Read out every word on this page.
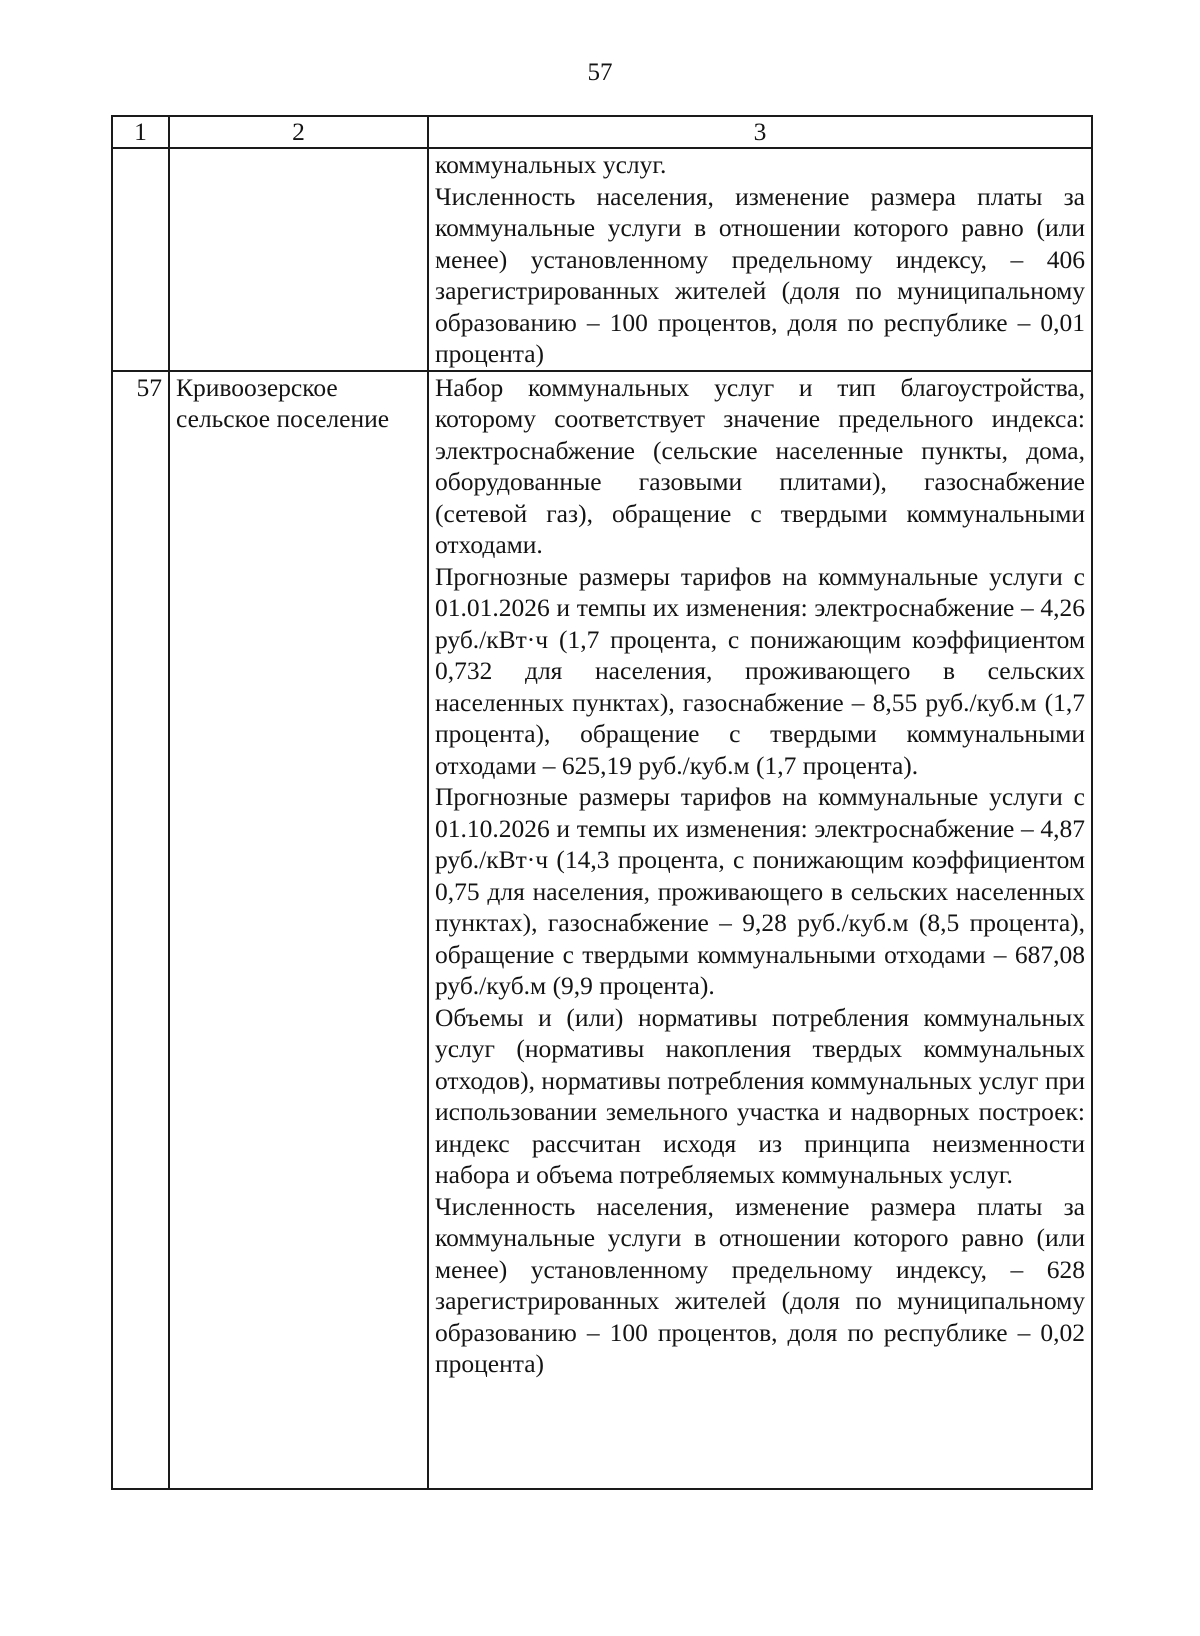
57
1	2	3

		коммунальных услуг.

Численность населения, изменение размера платы за коммунальные услуги в отношении которого равно (или менее) установленному предельному индексу, – 406 зарегистрированных жителей (доля по муниципальному образованию – 100 процентов, доля по республике – 0,01 процента)

57	Кривоозерское сельское поселение	Набор коммунальных услуг и тип благоустройства, которому соответствует значение предельного индекса: электроснабжение (сельские населенные пункты, дома, оборудованные газовыми плитами), газоснабжение (сетевой газ), обращение с твердыми коммунальными отходами.

Прогнозные размеры тарифов на коммунальные услуги с 01.01.2026 и темпы их изменения: электроснабжение – 4,26 руб./кВт·ч (1,7 процента, с понижающим коэффициентом 0,732 для населения, проживающего в сельских населенных пунктах), газоснабжение – 8,55 руб./куб.м (1,7 процента), обращение с твердыми коммунальными отходами – 625,19 руб./куб.м (1,7 процента).

Прогнозные размеры тарифов на коммунальные услуги с 01.10.2026 и темпы их изменения: электроснабжение – 4,87 руб./кВт·ч (14,3 процента, с понижающим коэффициентом 0,75 для населения, проживающего в сельских населенных пунктах), газоснабжение – 9,28 руб./куб.м (8,5 процента), обращение с твердыми коммунальными отходами – 687,08 руб./куб.м (9,9 процента).

Объемы и (или) нормативы потребления коммунальных услуг (нормативы накопления твердых коммунальных отходов), нормативы потребления коммунальных услуг при использовании земельного участка и надворных построек: индекс рассчитан исходя из принципа неизменности набора и объема потребляемых коммунальных услуг.

Численность населения, изменение размера платы за коммунальные услуги в отношении которого равно (или менее) установленному предельному индексу, – 628 зарегистрированных жителей (доля по муниципальному образованию – 100 процентов, доля по республике – 0,02 процента)
